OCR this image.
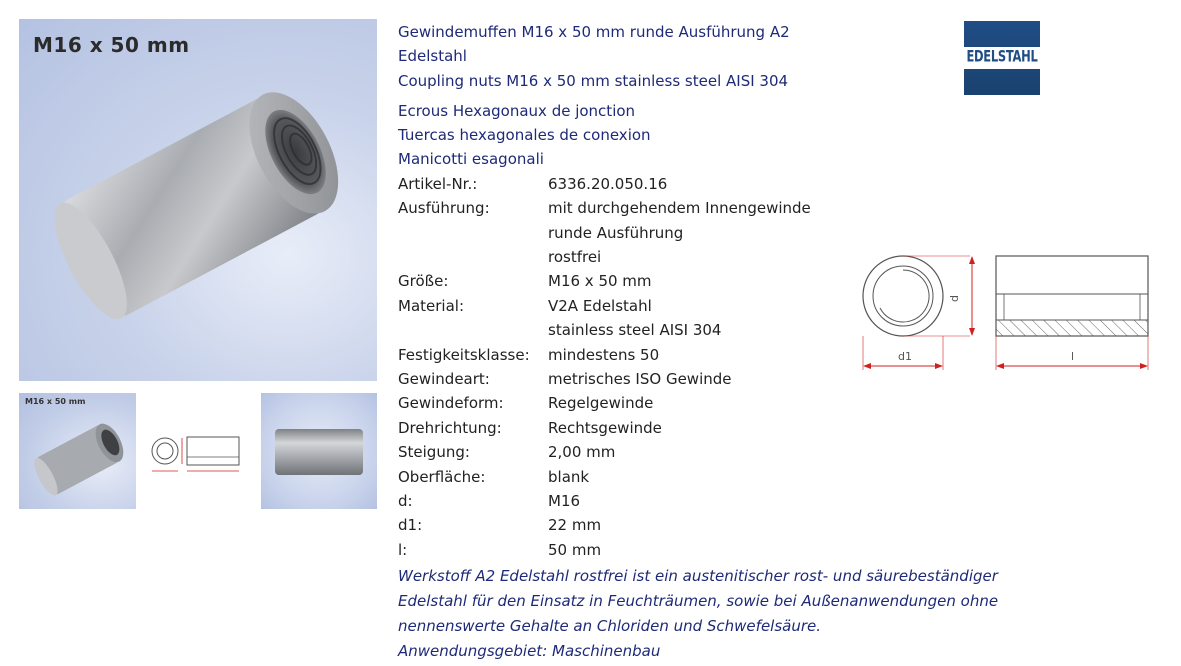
M16 x 50 mm
M16 x 50 mm
Gewindemuffen M16 x 50 mm runde Ausführung A2
Edelstahl
Coupling nuts M16 x 50 mm stainless steel AISI 304
Ecrous Hexagonaux de jonction
Tuercas hexagonales de conexion
Manicotti esagonali
Artikel-Nr.:	6336.20.050.16
Ausführung:	mit durchgehendem Innengewinde
	runde Ausführung
	rostfrei
Größe:	M16 x 50 mm
Material:	V2A Edelstahl
	stainless steel AISI 304
Festigkeitsklasse:	mindestens 50
Gewindeart:	metrisches ISO Gewinde
Gewindeform:	Regelgewinde
Drehrichtung:	Rechtsgewinde
Steigung:	2,00 mm
Oberfläche:	blank
d:	M16
d1:	22 mm
l:	50 mm
Werkstoff A2 Edelstahl rostfrei ist ein austenitischer rost- und säurebeständiger
Edelstahl für den Einsatz in Feuchträumen, sowie bei Außenanwendungen ohne
nennenswerte Gehalte an Chloriden und Schwefelsäure.
Anwendungsgebiet: Maschinenbau
EDELSTAHL
d
d1	l
